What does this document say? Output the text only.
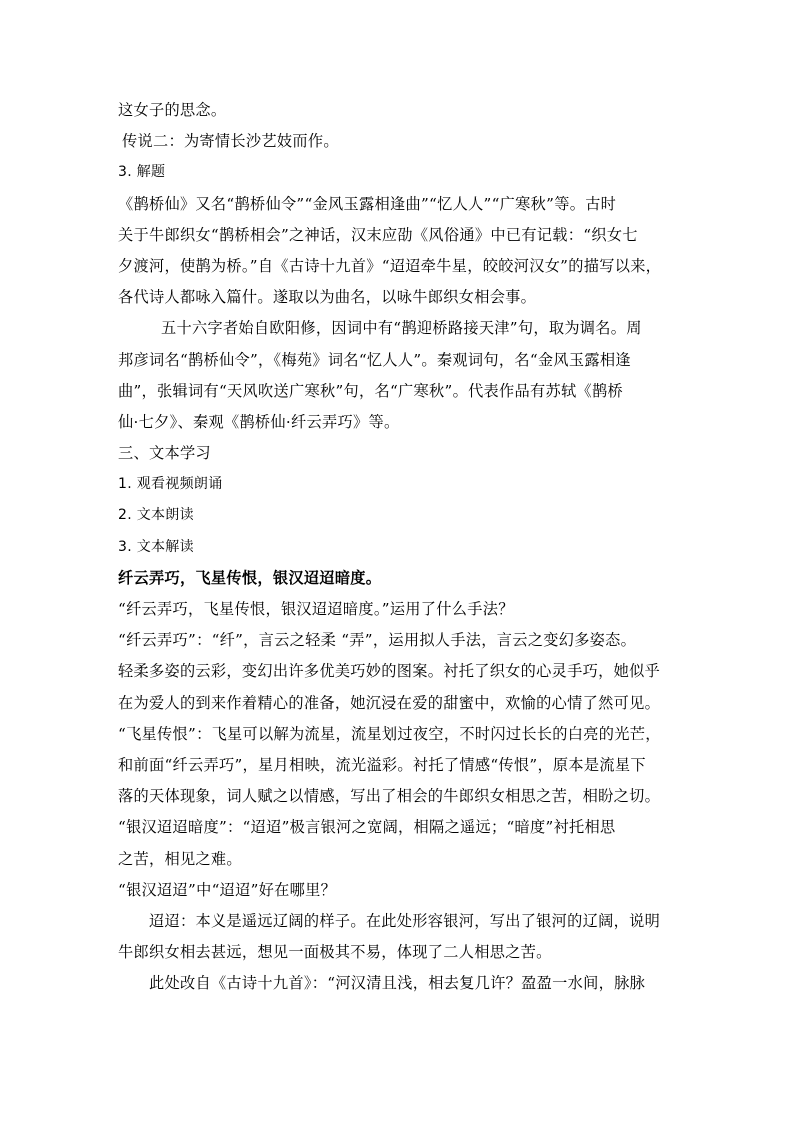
这女子的思念。
传说二：为寄情长沙艺妓而作。
3. 解题
《鹊桥仙》又名“鹊桥仙令”“金风玉露相逢曲”“忆人人”“广寒秋”等。古时
关于牛郎织女“鹊桥相会”之神话，汉末应劭《风俗通》中已有记载：“织女七
夕渡河，使鹊为桥。”自《古诗十九首》“迢迢牵牛星，皎皎河汉女”的描写以来，
各代诗人都咏入篇什。遂取以为曲名，以咏牛郎织女相会事。
五十六字者始自欧阳修，因词中有“鹊迎桥路接天津”句，取为调名。周
邦彦词名“鹊桥仙令”，《梅苑》词名“忆人人”。秦观词句，名“金风玉露相逢
曲”，张辑词有“天风吹送广寒秋”句，名“广寒秋”。代表作品有苏轼《鹊桥
仙·七夕》、秦观《鹊桥仙·纤云弄巧》等。
三、文本学习
1. 观看视频朗诵
2. 文本朗读
3. 文本解读
纤云弄巧，飞星传恨，银汉迢迢暗度。
“纤云弄巧，飞星传恨，银汉迢迢暗度。”运用了什么手法？
“纤云弄巧”：“纤”，言云之轻柔 “弄”，运用拟人手法，言云之变幻多姿态。
轻柔多姿的云彩，变幻出许多优美巧妙的图案。衬托了织女的心灵手巧，她似乎
在为爱人的到来作着精心的准备，她沉浸在爱的甜蜜中，欢愉的心情了然可见。
“飞星传恨”：飞星可以解为流星，流星划过夜空，不时闪过长长的白亮的光芒，
和前面“纤云弄巧”，星月相映，流光溢彩。衬托了情感“传恨”，原本是流星下
落的天体现象，词人赋之以情感，写出了相会的牛郎织女相思之苦，相盼之切。
“银汉迢迢暗度”：“迢迢”极言银河之宽阔，相隔之遥远；“暗度”衬托相思
之苦，相见之难。
“银汉迢迢”中“迢迢”好在哪里？
迢迢：本义是遥远辽阔的样子。在此处形容银河，写出了银河的辽阔，说明
牛郎织女相去甚远，想见一面极其不易，体现了二人相思之苦。
此处改自《古诗十九首》：“河汉清且浅，相去复几许？盈盈一水间，脉脉
